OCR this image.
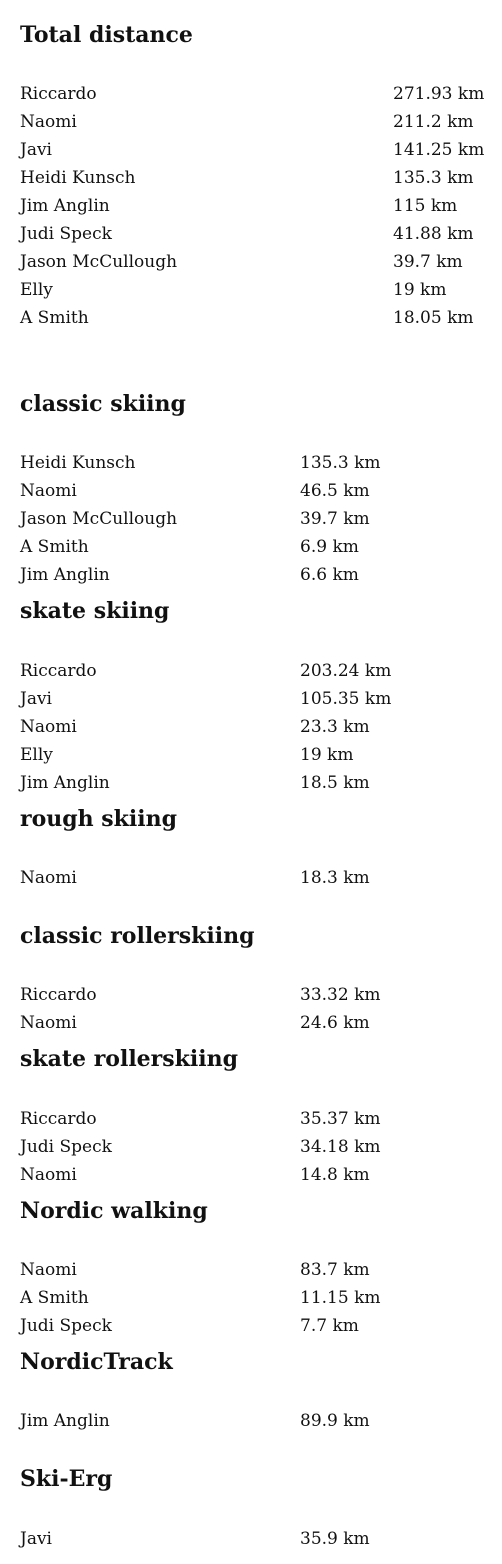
Total distance
Riccardo	271.93 km
Naomi	211.2 km
Javi	141.25 km
Heidi Kunsch	135.3 km
Jim Anglin	115 km
Judi Speck	41.88 km
Jason McCullough	39.7 km
Elly	19 km
A Smith	18.05 km
classic skiing
Heidi Kunsch	135.3 km
Naomi	46.5 km
Jason McCullough	39.7 km
A Smith	6.9 km
Jim Anglin	6.6 km
skate skiing
Riccardo	203.24 km
Javi	105.35 km
Naomi	23.3 km
Elly	19 km
Jim Anglin	18.5 km
rough skiing
Naomi	18.3 km
classic rollerskiing
Riccardo	33.32 km
Naomi	24.6 km
skate rollerskiing
Riccardo	35.37 km
Judi Speck	34.18 km
Naomi	14.8 km
Nordic walking
Naomi	83.7 km
A Smith	11.15 km
Judi Speck	7.7 km
NordicTrack
Jim Anglin	89.9 km
Ski-Erg
Javi	35.9 km
